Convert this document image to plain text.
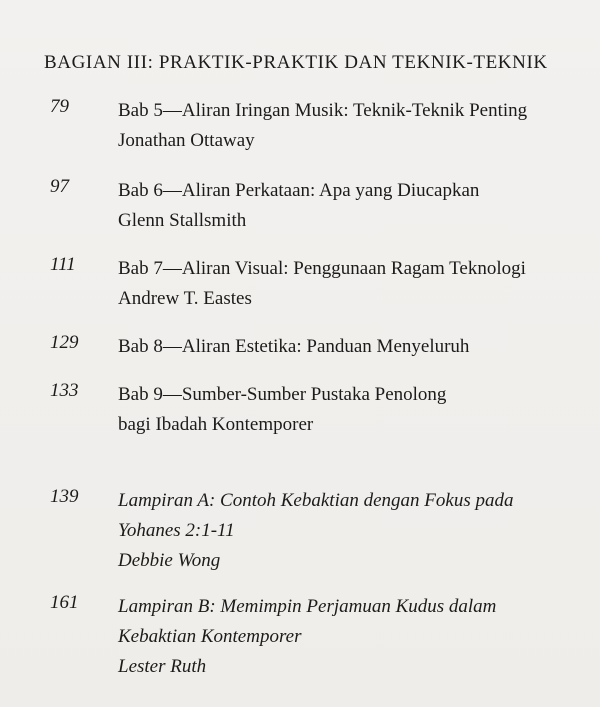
BAGIAN III: PRAKTIK-PRAKTIK DAN TEKNIK-TEKNIK
79	Bab 5—Aliran Iringan Musik: Teknik-Teknik Penting
Jonathan Ottaway
97	Bab 6—Aliran Perkataan: Apa yang Diucapkan
Glenn Stallsmith
111 Bab 7—Aliran Visual: Penggunaan Ragam Teknologi
Andrew T. Eastes
129 Bab 8—Aliran Estetika: Panduan Menyeluruh
133 Bab 9—Sumber-Sumber Pustaka Penolong
bagi Ibadah Kontemporer
139 Lampiran A: Contoh Kebaktian dengan Fokus pada
Yohanes 2:1-11
Debbie Wong
161 Lampiran B: Memimpin Perjamuan Kudus dalam
Kebaktian Kontemporer
Lester Ruth
